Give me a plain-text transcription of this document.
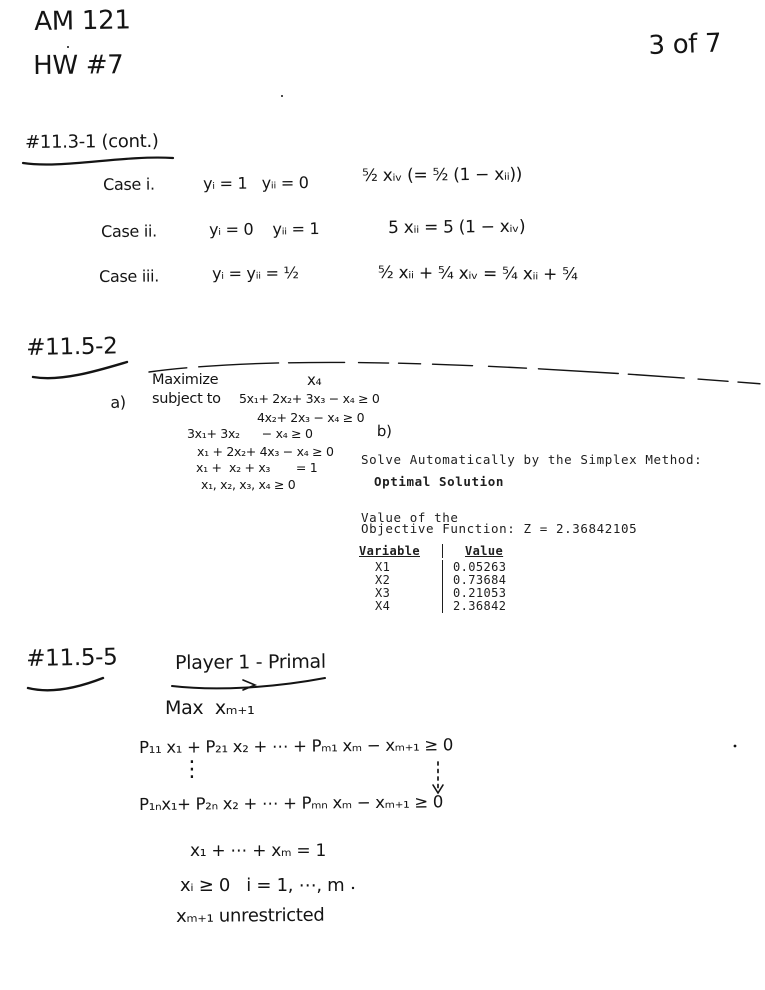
AM 121
HW #7
3 of 7
#11.3-1 (cont.)
Case i.	yᵢ = 1   yᵢᵢ = 0	⁵⁄₂ xᵢᵥ (= ⁵⁄₂ (1 − xᵢᵢ))
Case ii.	yᵢ = 0    yᵢᵢ = 1	5 xᵢᵢ = 5 (1 − xᵢᵥ)
Case iii.	yᵢ = yᵢᵢ = ½	⁵⁄₂ xᵢᵢ + ⁵⁄₄ xᵢᵥ = ⁵⁄₄ xᵢᵢ + ⁵⁄₄
#11.5-2
Maximize	x₄
a) subject to 5x₁+ 2x₂+ 3x₃ − x₄ ≥ 0
4x₂+ 2x₃ − x₄ ≥ 0
3x₁+ 3x₂      − x₄ ≥ 0
x₁ + 2x₂+ 4x₃ − x₄ ≥ 0
x₁ +  x₂ + x₃       = 1
x₁, x₂, x₃, x₄ ≥ 0
b)
Solve Automatically by the Simplex Method:
Optimal Solution
Value of the
Objective Function: Z = 2.36842105
Variable	Value
X1	0.05263
X2	0.73684
X3	0.21053
X4	2.36842
#11.5-5	Player 1 - Primal
Max  xₘ₊₁
P₁₁ x₁ + P₂₁ x₂ + ⋯ + Pₘ₁ xₘ − xₘ₊₁ ≥ 0
⋮
P₁ₙx₁+ P₂ₙ x₂ + ⋯ + Pₘₙ xₘ − xₘ₊₁ ≥ 0
x₁ + ⋯ + xₘ = 1
xᵢ ≥ 0   i = 1, ⋯, m
xₘ₊₁ unrestricted
